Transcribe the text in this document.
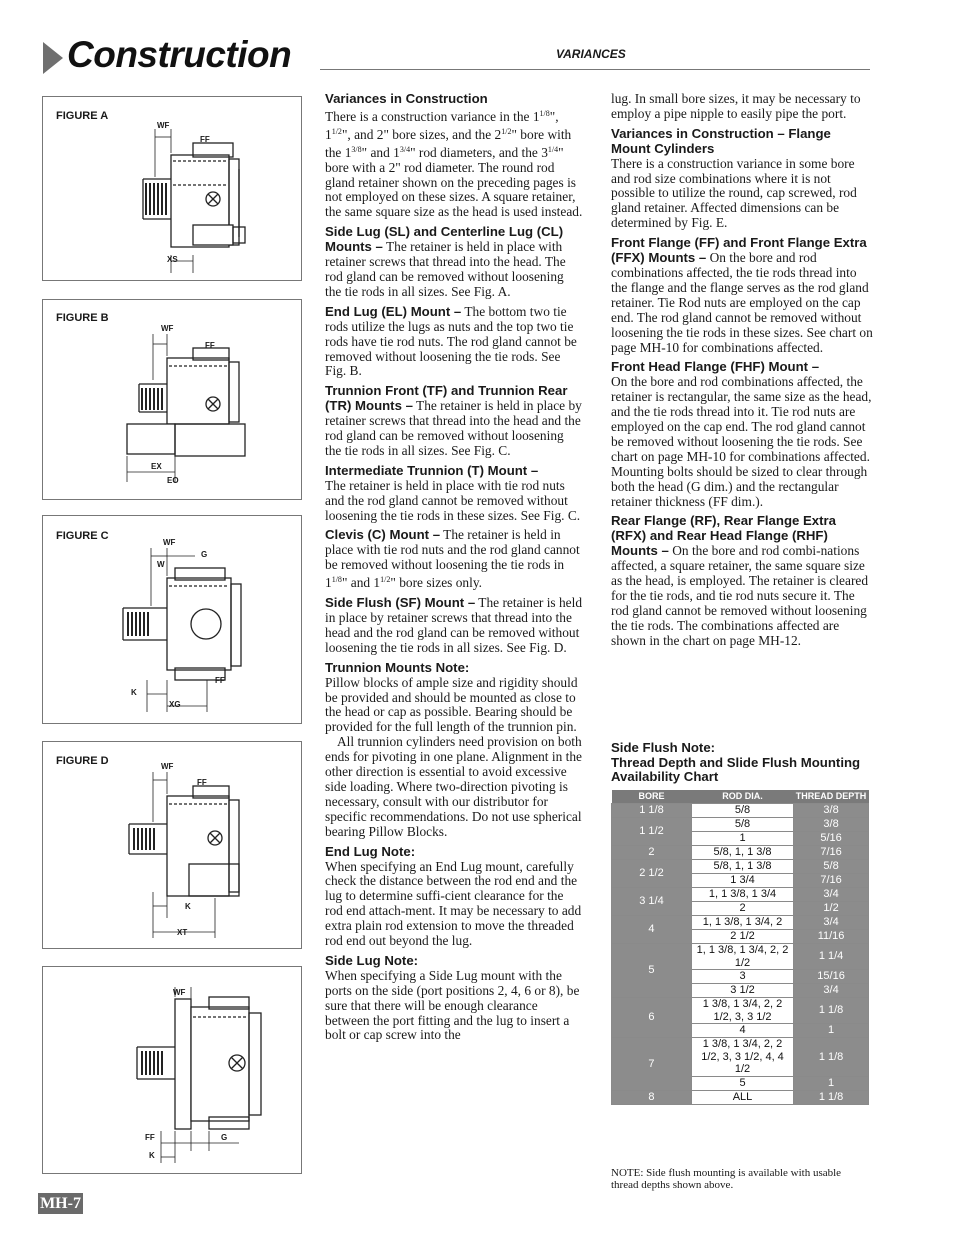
Construction	VARIANCES
FIGURE A
WF
FF
XS
FIGURE B
WF
FF
EX
EO
FIGURE C
WF
G
W
FF
K
XG
FIGURE D	WF
FF
K
XT
WF
FF	G
K

Variances in Construction
There is a construction variance in the $1^{1/8}$", $1^{1/2}$", and 2" bore sizes, and the $2^{1/2}$" bore with the $1^{3/8}$" and $1^{3/4}$" rod diameters, and the $3^{1/4}$" bore with a 2" rod diameter. The round rod gland retainer shown on the preceding pages is not employed on these sizes. A square retainer, the same square size as the head is used instead.

Side Lug (SL) and Centerline Lug (CL) Mounts – The retainer is held in place with retainer screws that thread into the head. The rod gland can be removed without loosening the tie rods in all sizes. See Fig. A.

End Lug (EL) Mount – The bottom two tie rods utilize the lugs as nuts and the top two tie rods have tie rod nuts. The rod gland cannot be removed without loosening the tie rods. See Fig. B.

Trunnion Front (TF) and Trunnion Rear (TR) Mounts – The retainer is held in place by retainer screws that thread into the head and the rod gland can be removed without loosening the tie rods in all sizes. See Fig. C.

Intermediate Trunnion (T) Mount –
The retainer is held in place with tie rod nuts and the rod gland cannot be removed without loosening the tie rods in these sizes. See Fig. C.

Clevis (C) Mount – The retainer is held in place with tie rod nuts and the rod gland cannot be removed without loosening the tie rods in $1^{1/8}$" and $1^{1/2}$" bore sizes only.

Side Flush (SF) Mount – The retainer is held in place by retainer screws that thread into the head and the rod gland can be removed without loosening the tie rods in all sizes. See Fig. D.

Trunnion Mounts Note:
Pillow blocks of ample size and rigidity should be provided and should be mounted as close to the head or cap as possible. Bearing should be provided for the full length of the trunnion pin.

All trunnion cylinders need provision on both ends for pivoting in one plane. Alignment in the other direction is essential to avoid excessive side loading. Where two-direction pivoting is necessary, consult with our distributor for specific recommendations. Do not use spherical bearing Pillow Blocks.

End Lug Note:
When specifying an End Lug mount, carefully check the distance between the rod end and the lug to determine suffi-cient clearance for the rod end attach-ment. It may be necessary to add extra plain rod extension to move the threaded rod end out beyond the lug.

Side Lug Note:
When specifying a Side Lug mount with the ports on the side (port positions 2, 4, 6 or 8), be sure that there will be enough clearance between the port fitting and the lug to insert a bolt or cap screw into the

lug. In small bore sizes, it may be necessary to employ a pipe nipple to easily pipe the port.

Variances in Construction – Flange Mount Cylinders
There is a construction variance in some bore and rod size combinations where it is not possible to utilize the round, cap screwed, rod gland retainer. Affected dimensions can be determined by Fig. E.

Front Flange (FF) and Front Flange Extra (FFX) Mounts – On the bore and rod combinations affected, the tie rods thread into the flange and the flange serves as the rod gland retainer. Tie Rod nuts are employed on the cap end. The rod gland cannot be removed without loosening the tie rods in these sizes. See chart on page MH-10 for combinations affected.

Front Head Flange (FHF) Mount –
On the bore and rod combinations affected, the retainer is rectangular, the same size as the head, and the tie rods thread into it. Tie rod nuts are employed on the cap end. The rod gland cannot be removed without loosening the tie rods. See chart on page MH-10 for combinations affected. Mounting bolts should be sized to clear through both the head (G dim.) and the rectangular retainer thickness (FF dim.).

Rear Flange (RF), Rear Flange Extra (RFX) and Rear Head Flange (RHF) Mounts – On the bore and rod combi-nations affected, a square retainer, the same square size as the head, is employed. The retainer is cleared for the tie rods, and tie rod nuts secure it. The rod gland cannot be removed without loosening the tie rods. The combinations affected are shown in the chart on page MH-12.

Side Flush Note:
Thread Depth and Slide Flush Mounting Availability Chart
BORE	ROD DIA.	THREAD DEPTH
1 1/8	5/8	3/8
1 1/2	5/8	3/8
	1	5/16
2	5/8, 1, 1 3/8	7/16
2 1/2	5/8, 1, 1 3/8	5/8
	1 3/4	7/16
3 1/4	1, 1 3/8, 1 3/4	3/4
	2	1/2
4	1, 1 3/8, 1 3/4, 2	3/4
	2 1/2	11/16
5	1, 1 3/8, 1 3/4, 2, 2 1/2	1 1/4
	3	15/16
	3 1/2	3/4
6	1 3/8, 1 3/4, 2, 2 1/2, 3, 3 1/2	1 1/8
	4	1
7	1 3/8, 1 3/4, 2, 2 1/2, 3, 3 1/2, 4, 4 1/2	1 1/8
	5	1
8	ALL	1 1/8
NOTE: Side flush mounting is available with usable thread depths shown above.
MH-7
